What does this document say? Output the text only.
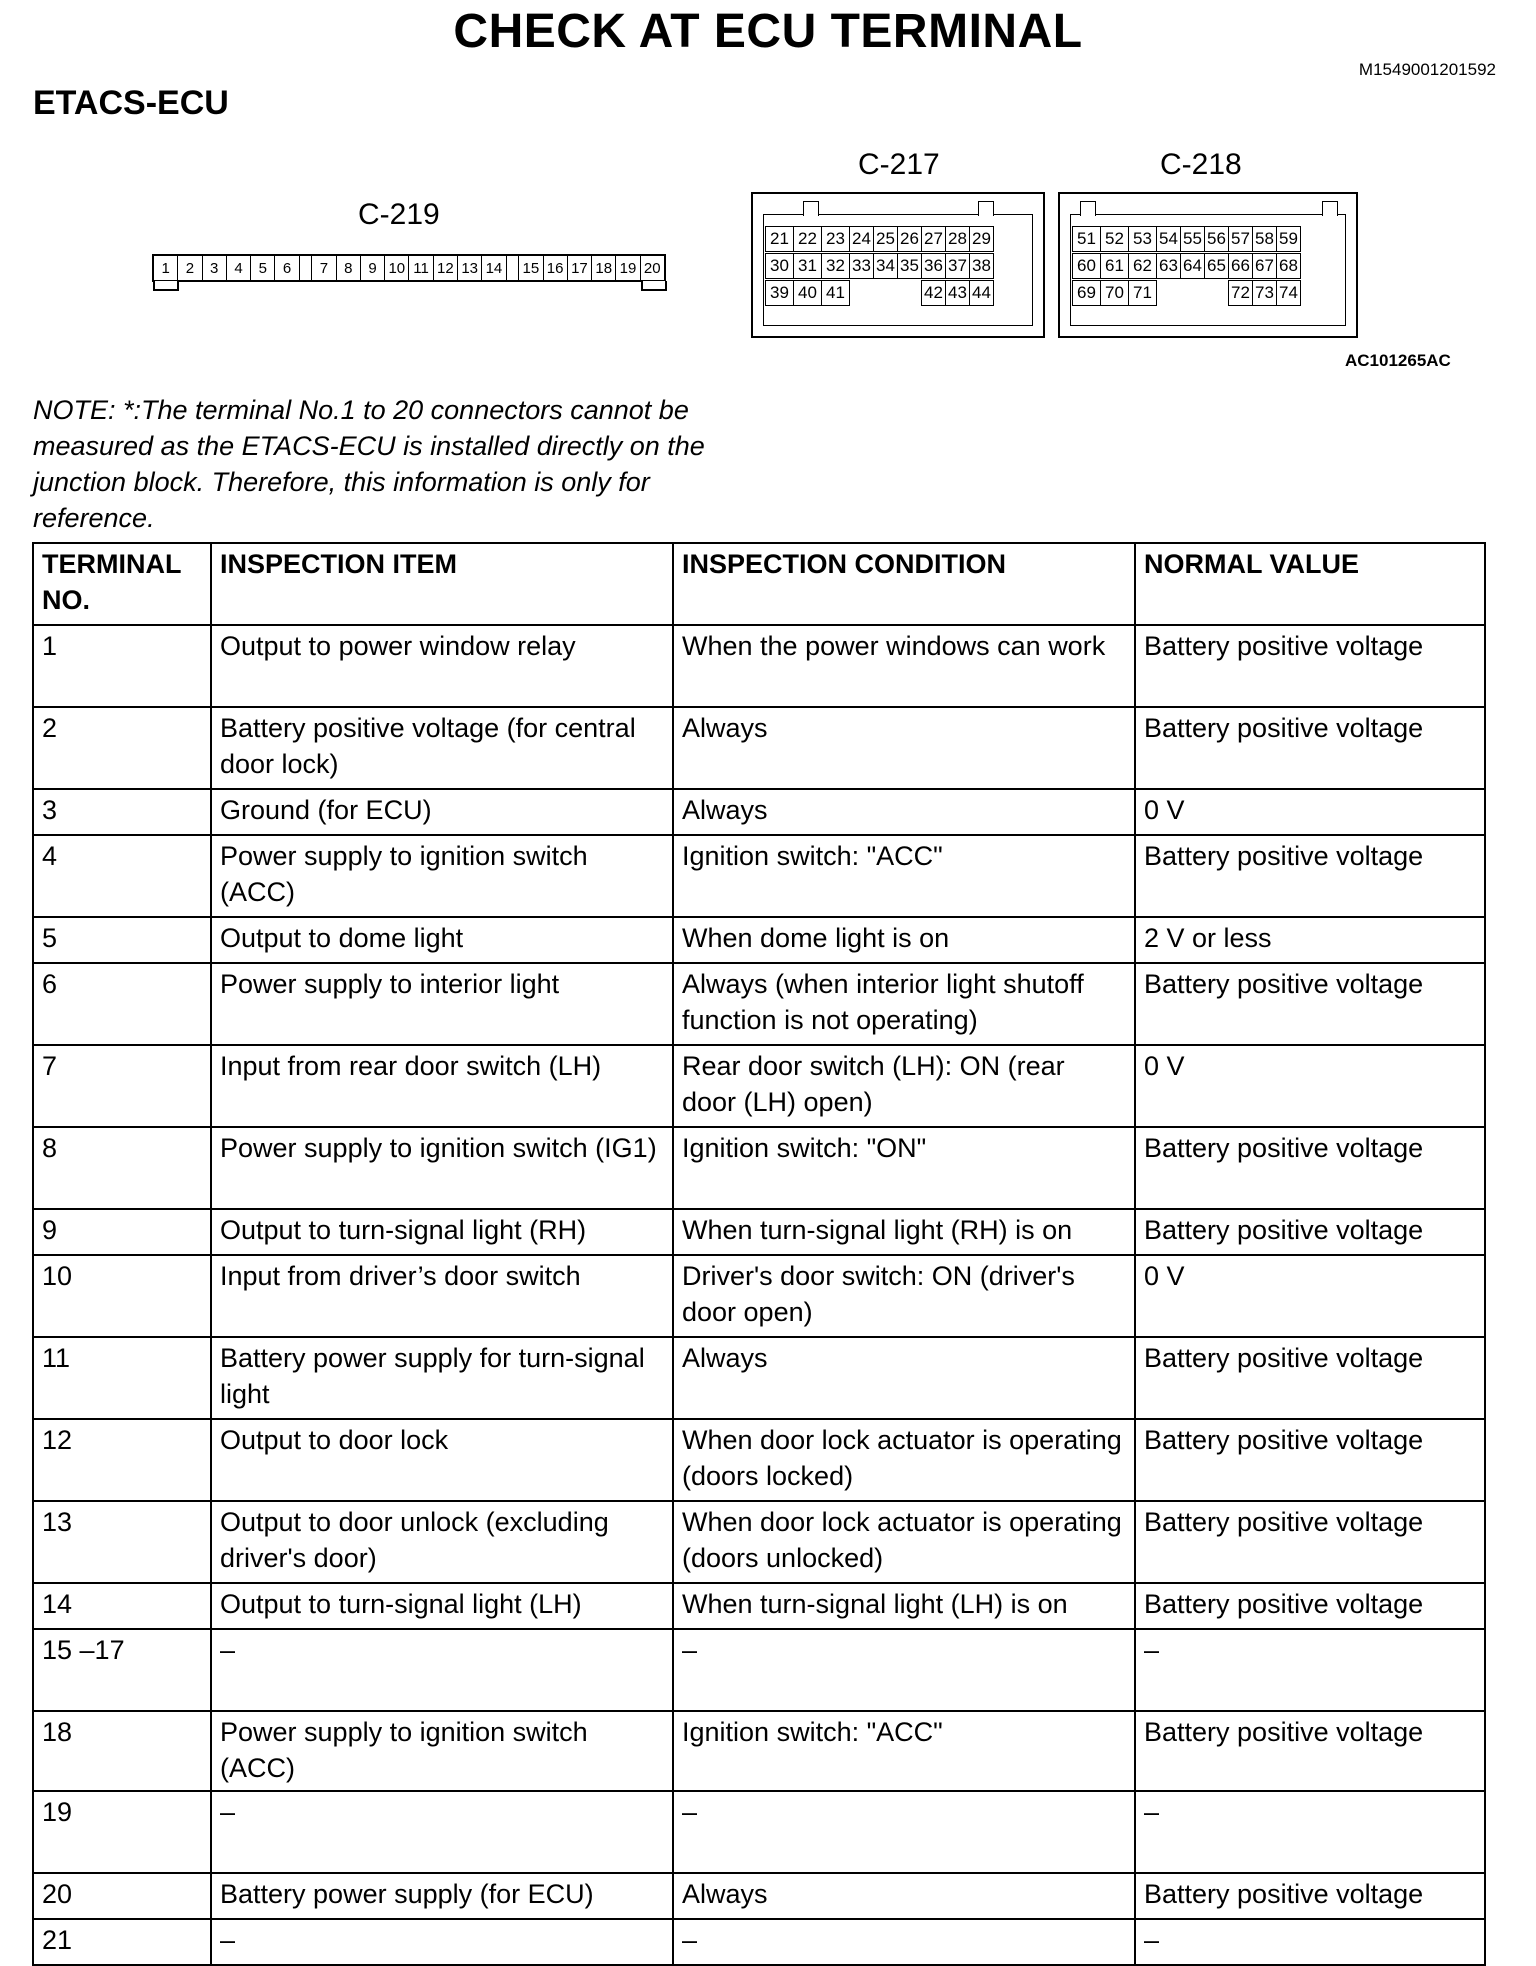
CHECK AT ECU TERMINAL
M1549001201592
ETACS-ECU
C-219
1	2	3	4	5	6	7	8	9 10 11 12 13 14 15 16 17 18 19 20
C-217
21 22 23 24 25 26 27 28 29
30 31 32 33 34 35 36 37 38
39 40 41	42 43 44
C-218
51 52 53 54 55 56 57 58 59
60 61 62 63 64 65 66 67 68
69 70 71	72 73 74
AC101265AC
NOTE: *:The terminal No.1 to 20 connectors cannot be measured as the ETACS-ECU is installed directly on the junction block. Therefore, this information is only for reference.
TERMINAL NO.	INSPECTION ITEM	INSPECTION CONDITION	NORMAL VALUE
1	Output to power window relay	When the power windows can work	Battery positive voltage
2	Battery positive voltage (for central door lock)	Always	Battery positive voltage
3	Ground (for ECU)	Always	0 V
4	Power supply to ignition switch (ACC)	Ignition switch: "ACC"	Battery positive voltage
5	Output to dome light	When dome light is on	2 V or less
6	Power supply to interior light	Always (when interior light shutoff function is not operating)	Battery positive voltage
7	Input from rear door switch (LH)	Rear door switch (LH): ON (rear door (LH) open)	0 V
8	Power supply to ignition switch (IG1)	Ignition switch: "ON"	Battery positive voltage
9	Output to turn-signal light (RH)	When turn-signal light (RH) is on	Battery positive voltage
10	Input from driver’s door switch	Driver's door switch: ON (driver's door open)	0 V
11	Battery power supply for turn-signal light	Always	Battery positive voltage
12	Output to door lock	When door lock actuator is operating (doors locked)	Battery positive voltage
13	Output to door unlock (excluding driver's door)	When door lock actuator is operating (doors unlocked)	Battery positive voltage
14	Output to turn-signal light (LH)	When turn-signal light (LH) is on	Battery positive voltage
15 –17	–	–	–
18	Power supply to ignition switch (ACC)	Ignition switch: "ACC"	Battery positive voltage
19	–	–	–
20	Battery power supply (for ECU)	Always	Battery positive voltage
21	–	–	–
